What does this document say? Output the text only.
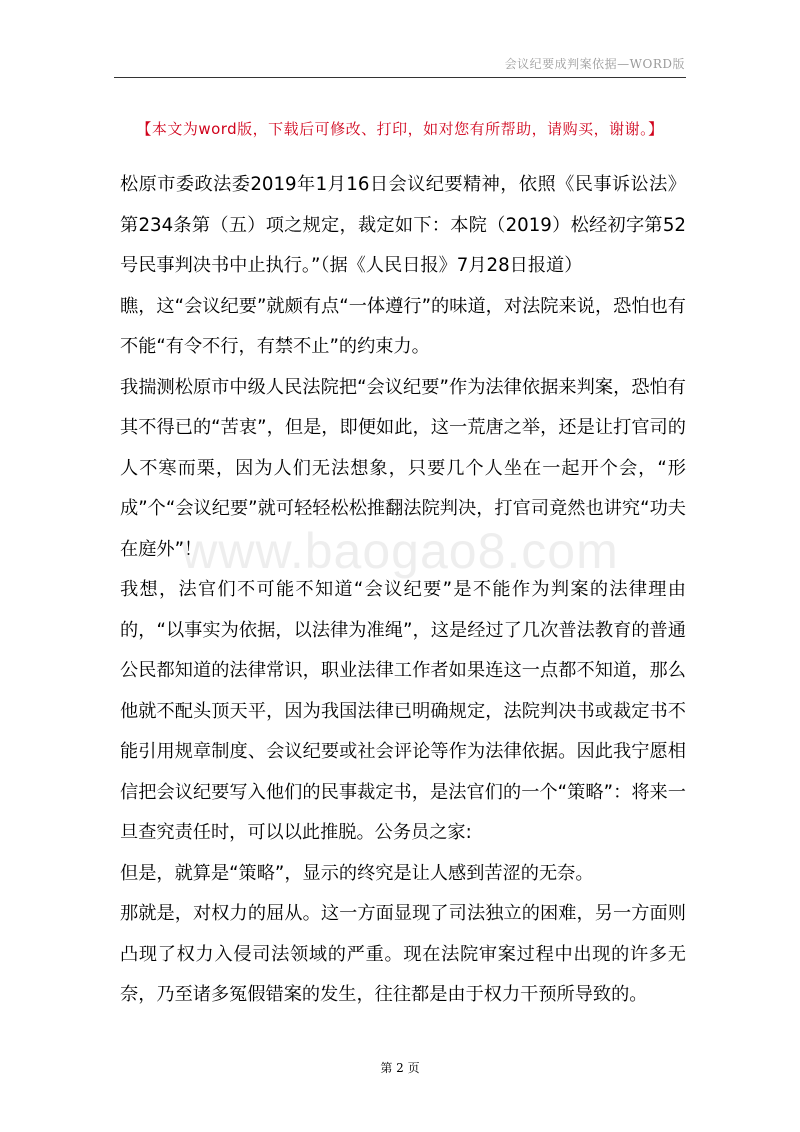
会议纪要成判案依据—WORD版
【本文为word版，下载后可修改、打印，如对您有所帮助，请购买，谢谢。】
www.baogao8.com

松原市委政法委2019年1月16日会议纪要精神，依照《民事诉讼法》第234条第（五）项之规定，裁定如下：本院（2019）松经初字第52号民事判决书中止执行。”（据《人民日报》7月28日报道）

瞧，这“会议纪要”就颇有点“一体遵行”的味道，对法院来说，恐怕也有不能“有令不行，有禁不止”的约束力。

我揣测松原市中级人民法院把“会议纪要”作为法律依据来判案，恐怕有其不得已的“苦衷”，但是，即便如此，这一荒唐之举，还是让打官司的人不寒而栗，因为人们无法想象，只要几个人坐在一起开个会，“形成”个“会议纪要”就可轻轻松松推翻法院判决，打官司竟然也讲究“功夫在庭外”！

我想，法官们不可能不知道“会议纪要”是不能作为判案的法律理由的，“以事实为依据，以法律为准绳”，这是经过了几次普法教育的普通公民都知道的法律常识，职业法律工作者如果连这一点都不知道，那么他就不配头顶天平，因为我国法律已明确规定，法院判决书或裁定书不能引用规章制度、会议纪要或社会评论等作为法律依据。因此我宁愿相信把会议纪要写入他们的民事裁定书，是法官们的一个“策略”：将来一旦查究责任时，可以以此推脱。公务员之家:

但是，就算是“策略”，显示的终究是让人感到苦涩的无奈。

那就是，对权力的屈从。这一方面显现了司法独立的困难，另一方面则凸现了权力入侵司法领域的严重。现在法院审案过程中出现的许多无奈，乃至诸多冤假错案的发生，往往都是由于权力干预所导致的。

第 2 页
